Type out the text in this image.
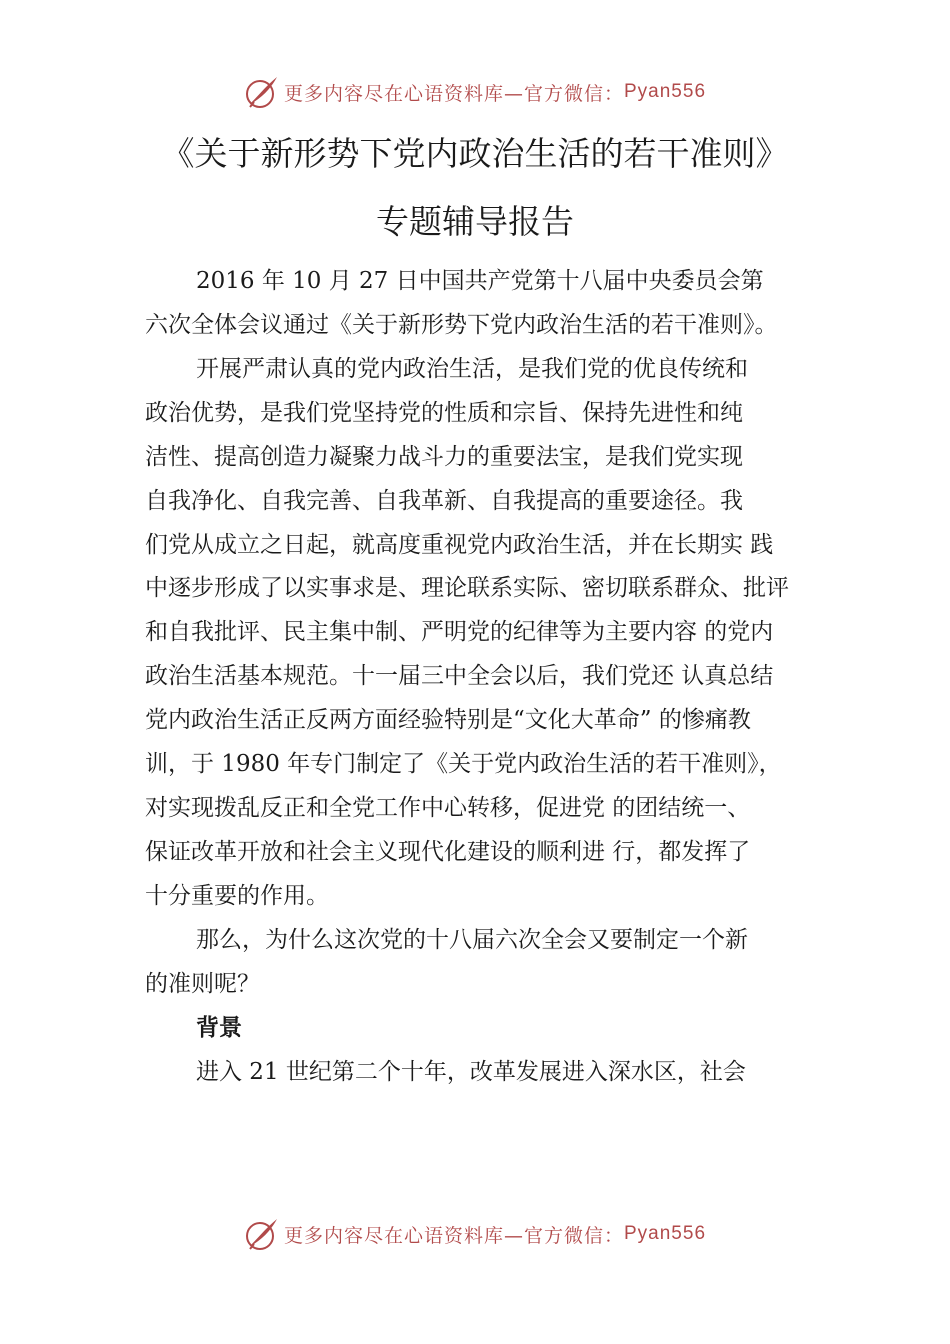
更多内容尽在心语资料库—官方微信： Pyan556
《关于新形势下党内政治生活的若干准则》
专题辅导报告
2016 年 10 月 27 日中国共产党第十八届中央委员会第
六次全体会议通过《关于新形势下党内政治生活的若干准则》。
开展严肃认真的党内政治生活，是我们党的优良传统和
政治优势，是我们党坚持党的性质和宗旨、保持先进性和纯
洁性、提高创造力凝聚力战斗力的重要法宝，是我们党实现
自我净化、自我完善、自我革新、自我提高的重要途径。我
们党从成立之日起，就高度重视党内政治生活，并在长期实 践
中逐步形成了以实事求是、理论联系实际、密切联系群众、批评
和自我批评、民主集中制、严明党的纪律等为主要内容 的党内
政治生活基本规范。十一届三中全会以后，我们党还 认真总结
党内政治生活正反两方面经验特别是“文化大革命” 的惨痛教
训，于 1980 年专门制定了《关于党内政治生活的若干准则》，
对实现拨乱反正和全党工作中心转移，促进党 的团结统一、
保证改革开放和社会主义现代化建设的顺利进 行，都发挥了
十分重要的作用。
那么，为什么这次党的十八届六次全会又要制定一个新
的准则呢？
背景
进入 21 世纪第二个十年，改革发展进入深水区，社会
更多内容尽在心语资料库—官方微信： Pyan556
